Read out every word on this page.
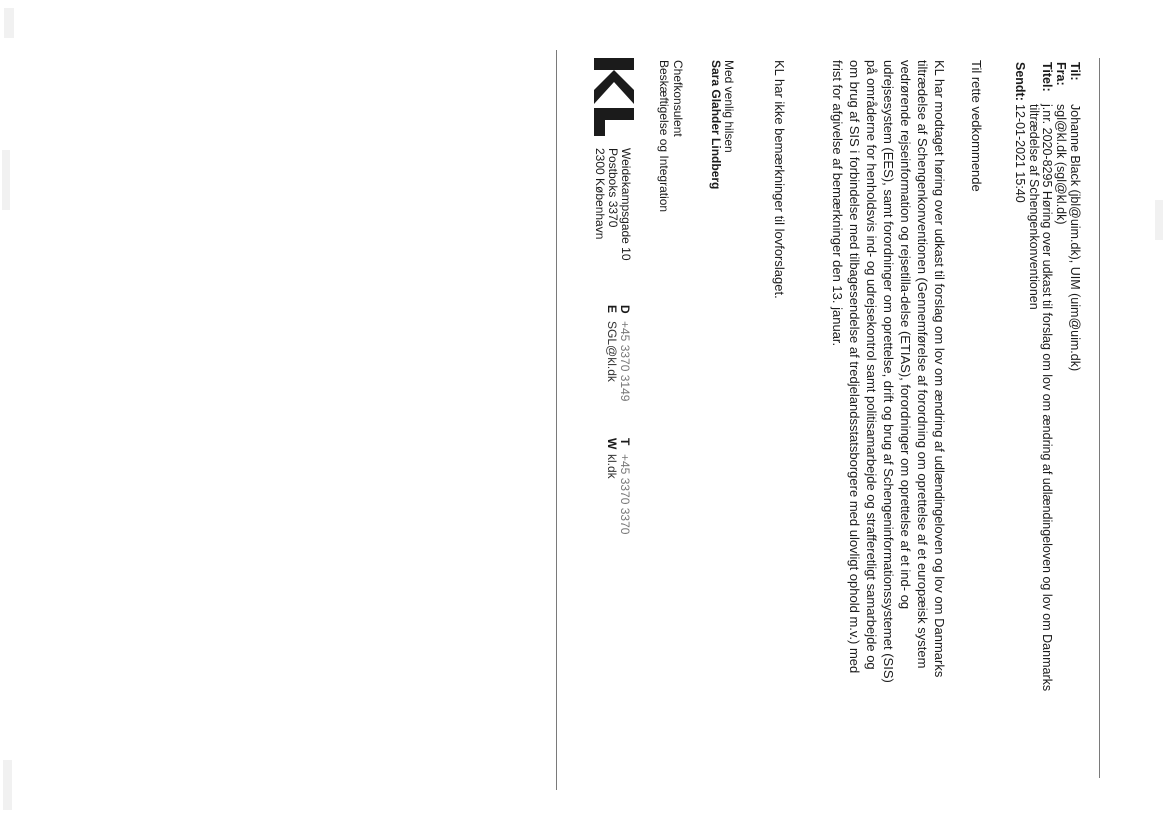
Til:
Johanne Black (jbl@uim.dk), UIM (uim@uim.dk)
Fra:
sgl@kl.dk (sgl@kl.dk)
Titel:
j.nr. 2020-8295 Høring over udkast til forslag om lov om ændring af udlændingeloven og lov om Danmarks
tiltrædelse af Schengenkonventionen
Sendt:
12-01-2021 15:40
Til rette vedkommende
KL har modtaget høring over udkast til forslag om lov om ændring af udlændingeloven og lov om Danmarks
tiltrædelse af Schengenkonventionen (Gennemførelse af forordning om oprettelse af et europæisk system
vedrørende rejseinformation og rejsetilla-delse (ETIAS), forordninger om oprettelse af et ind- og
udrejsesystem (EES), samt forordninger om oprettelse, drift og brug af Schengeninformationssystemet (SIS)
på områderne for henholdsvis ind- og udrejsekontrol samt politisamarbejde og strafferetligt samarbejde og
om brug af SIS i forbindelse med tilbagesendelse af tredjelandsstatsborgere med ulovligt ophold m.v.) med
frist for afgivelse af bemærkninger den 13. januar.
KL har ikke bemærkninger til lovforslaget.
Med venlig hilsen
Sara Glahder Lindberg
Chefkonsulent
Beskæftigelse og Integration
Weidekampsgade 10
Postboks 3370
2300 København
D
+45 3370 3149
E
SGL@kl.dk
T
+45 3370 3370
W
kl.dk
